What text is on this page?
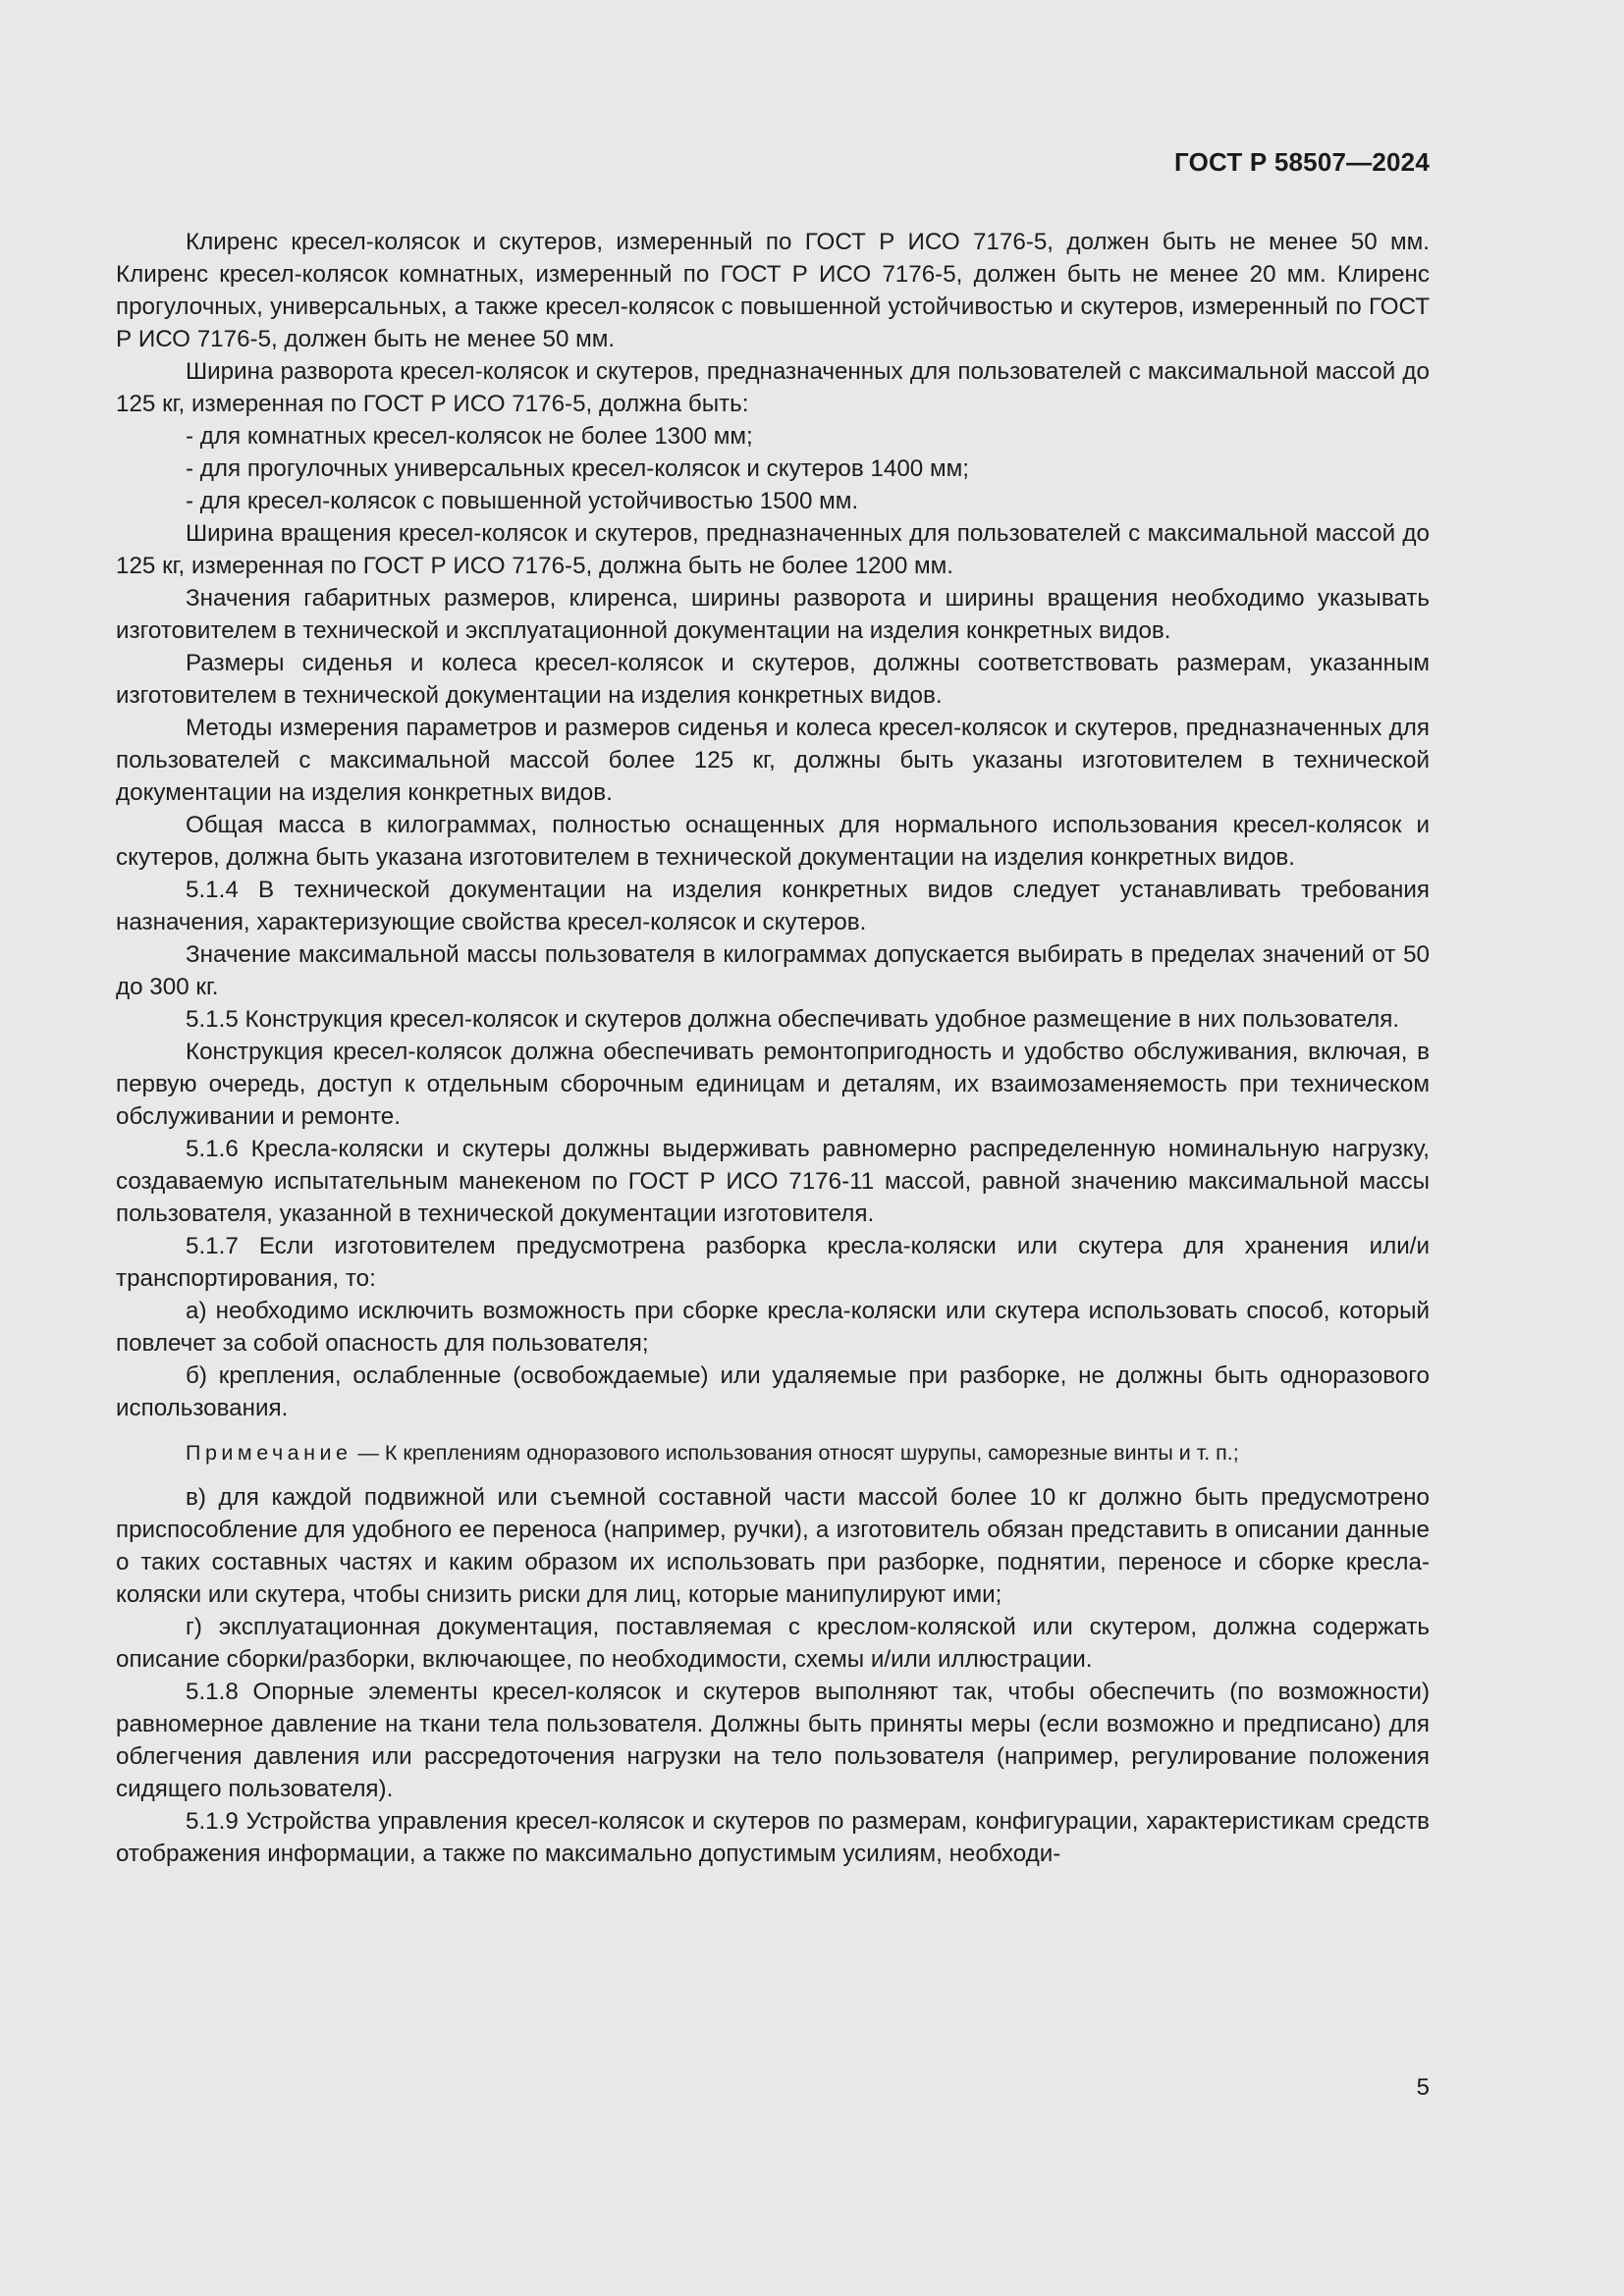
ГОСТ Р 58507—2024

Клиренс кресел-колясок и скутеров, измеренный по ГОСТ Р ИСО 7176-5, должен быть не менее 50 мм. Клиренс кресел-колясок комнатных, измеренный по ГОСТ Р ИСО 7176-5, должен быть не менее 20 мм. Клиренс прогулочных, универсальных, а также кресел-колясок с повышенной устойчивостью и скутеров, измеренный по ГОСТ Р ИСО 7176-5, должен быть не менее 50 мм.

Ширина разворота кресел-колясок и скутеров, предназначенных для пользователей с максимальной массой до 125 кг, измеренная по ГОСТ Р ИСО 7176-5, должна быть:

- для комнатных кресел-колясок не более 1300 мм;

- для прогулочных универсальных кресел-колясок и скутеров 1400 мм;

- для кресел-колясок с повышенной устойчивостью 1500 мм.

Ширина вращения кресел-колясок и скутеров, предназначенных для пользователей с максимальной массой до 125 кг, измеренная по ГОСТ Р ИСО 7176-5, должна быть не более 1200 мм.

Значения габаритных размеров, клиренса, ширины разворота и ширины вращения необходимо указывать изготовителем в технической и эксплуатационной документации на изделия конкретных видов.

Размеры сиденья и колеса кресел-колясок и скутеров, должны соответствовать размерам, указанным изготовителем в технической документации на изделия конкретных видов.

Методы измерения параметров и размеров сиденья и колеса кресел-колясок и скутеров, предназначенных для пользователей с максимальной массой более 125 кг, должны быть указаны изготовителем в технической документации на изделия конкретных видов.

Общая масса в килограммах, полностью оснащенных для нормального использования кресел-колясок и скутеров, должна быть указана изготовителем в технической документации на изделия конкретных видов.

5.1.4 В технической документации на изделия конкретных видов следует устанавливать требования назначения, характеризующие свойства кресел-колясок и скутеров.

Значение максимальной массы пользователя в килограммах допускается выбирать в пределах значений от 50 до 300 кг.

5.1.5 Конструкция кресел-колясок и скутеров должна обеспечивать удобное размещение в них пользователя.

Конструкция кресел-колясок должна обеспечивать ремонтопригодность и удобство обслуживания, включая, в первую очередь, доступ к отдельным сборочным единицам и деталям, их взаимозаменяемость при техническом обслуживании и ремонте.

5.1.6 Кресла-коляски и скутеры должны выдерживать равномерно распределенную номинальную нагрузку, создаваемую испытательным манекеном по ГОСТ Р ИСО 7176-11 массой, равной значению максимальной массы пользователя, указанной в технической документации изготовителя.

5.1.7 Если изготовителем предусмотрена разборка кресла-коляски или скутера для хранения или/и транспортирования, то:

а) необходимо исключить возможность при сборке кресла-коляски или скутера использовать способ, который повлечет за собой опасность для пользователя;

б) крепления, ослабленные (освобождаемые) или удаляемые при разборке, не должны быть одноразового использования.

Примечание — К креплениям одноразового использования относят шурупы, саморезные винты и т. п.;

в) для каждой подвижной или съемной составной части массой более 10 кг должно быть предусмотрено приспособление для удобного ее переноса (например, ручки), а изготовитель обязан представить в описании данные о таких составных частях и каким образом их использовать при разборке, поднятии, переносе и сборке кресла-коляски или скутера, чтобы снизить риски для лиц, которые манипулируют ими;

г) эксплуатационная документация, поставляемая с креслом-коляской или скутером, должна содержать описание сборки/разборки, включающее, по необходимости, схемы и/или иллюстрации.

5.1.8 Опорные элементы кресел-колясок и скутеров выполняют так, чтобы обеспечить (по возможности) равномерное давление на ткани тела пользователя. Должны быть приняты меры (если возможно и предписано) для облегчения давления или рассредоточения нагрузки на тело пользователя (например, регулирование положения сидящего пользователя).

5.1.9 Устройства управления кресел-колясок и скутеров по размерам, конфигурации, характеристикам средств отображения информации, а также по максимально допустимым усилиям, необходи-

5
